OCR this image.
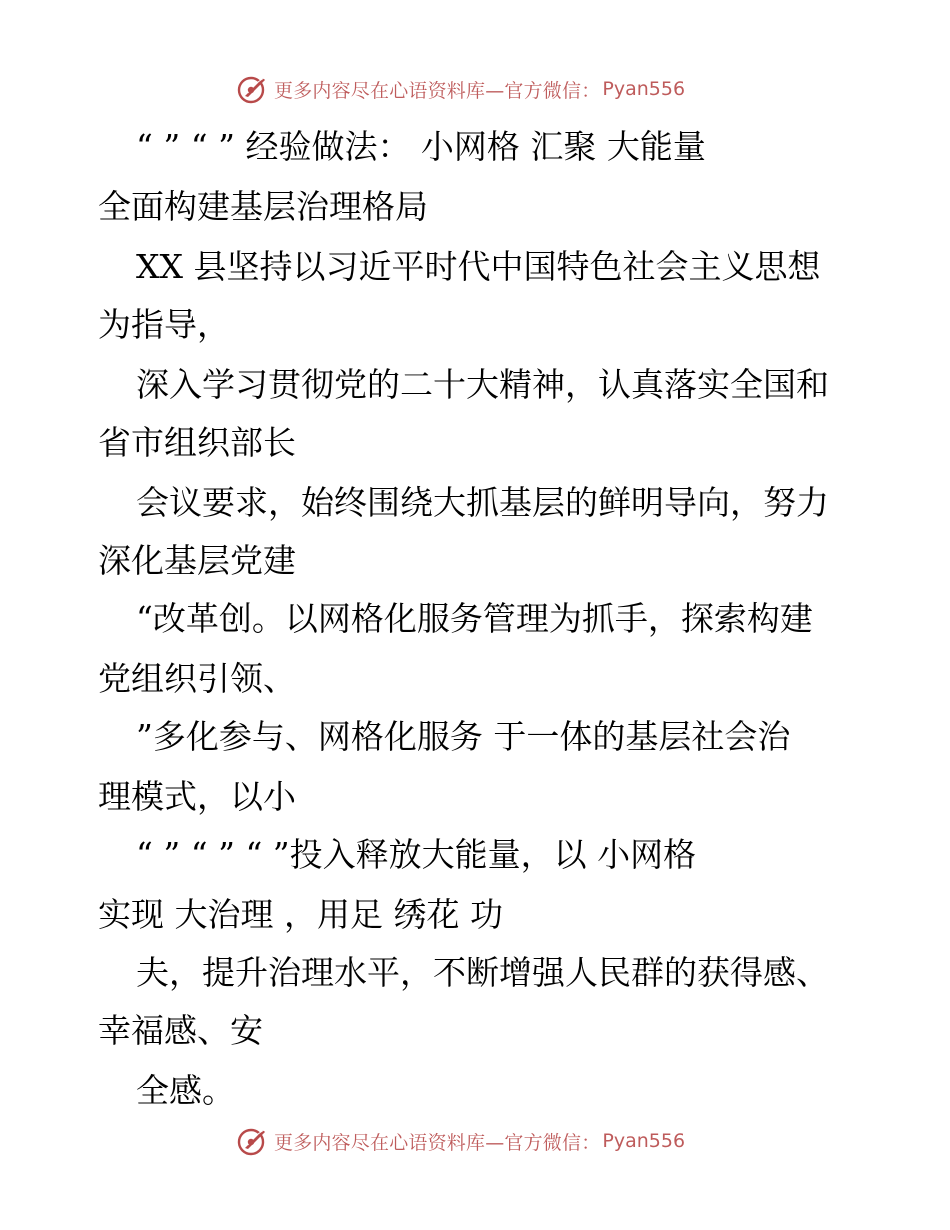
更多内容尽在心语资料库—官方微信： Pyan556
“ ” “ ” 经验做法： 小网格 汇聚 大能量
全面构建基层治理格局
XX 县坚持以习近平时代中国特色社会主义思想
为指导，
深入学习贯彻党的二十大精神，认真落实全国和
省市组织部长
会议要求，始终围绕大抓基层的鲜明导向，努力
深化基层党建
“改革创。以网格化服务管理为抓手，探索构建
党组织引领、
”多化参与、网格化服务 于一体的基层社会治
理模式，以小
“ ” “ ” “ ”投入释放大能量，以 小网格
实现 大治理 ，用足 绣花 功
夫，提升治理水平，不断增强人民群的获得感、
幸福感、安
全感。
更多内容尽在心语资料库—官方微信： Pyan556
